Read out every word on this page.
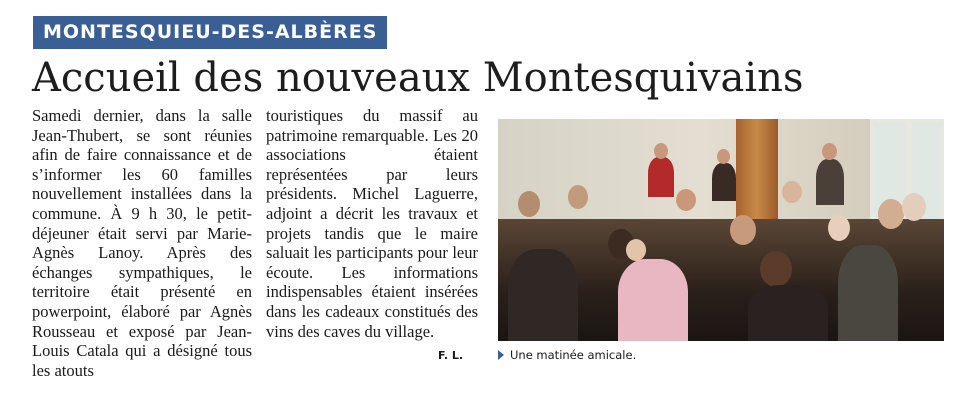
MONTESQUIEU-DES-ALBÈRES
Accueil des nouveaux Montesquivains

Samedi dernier, dans la salle Jean-Thubert, se sont réunies afin de faire connaissance et de s’informer les 60 familles nouvellement installées dans la commune. À 9 h 30, le petit-déjeuner était servi par Marie-Agnès Lanoy. Après des échanges sympathiques, le territoire était présenté en powerpoint, élaboré par Agnès Rousseau et exposé par Jean-Louis Catala qui a désigné tous les atouts

touristiques du massif au patrimoine remarquable. Les 20 associations étaient représentées par leurs présidents. Michel Laguerre, adjoint a décrit les travaux et projets tandis que le maire saluait les participants pour leur écoute. Les informations indispensables étaient insérées dans les cadeaux constitués des vins des caves du village.

F. L.	Une matinée amicale.
